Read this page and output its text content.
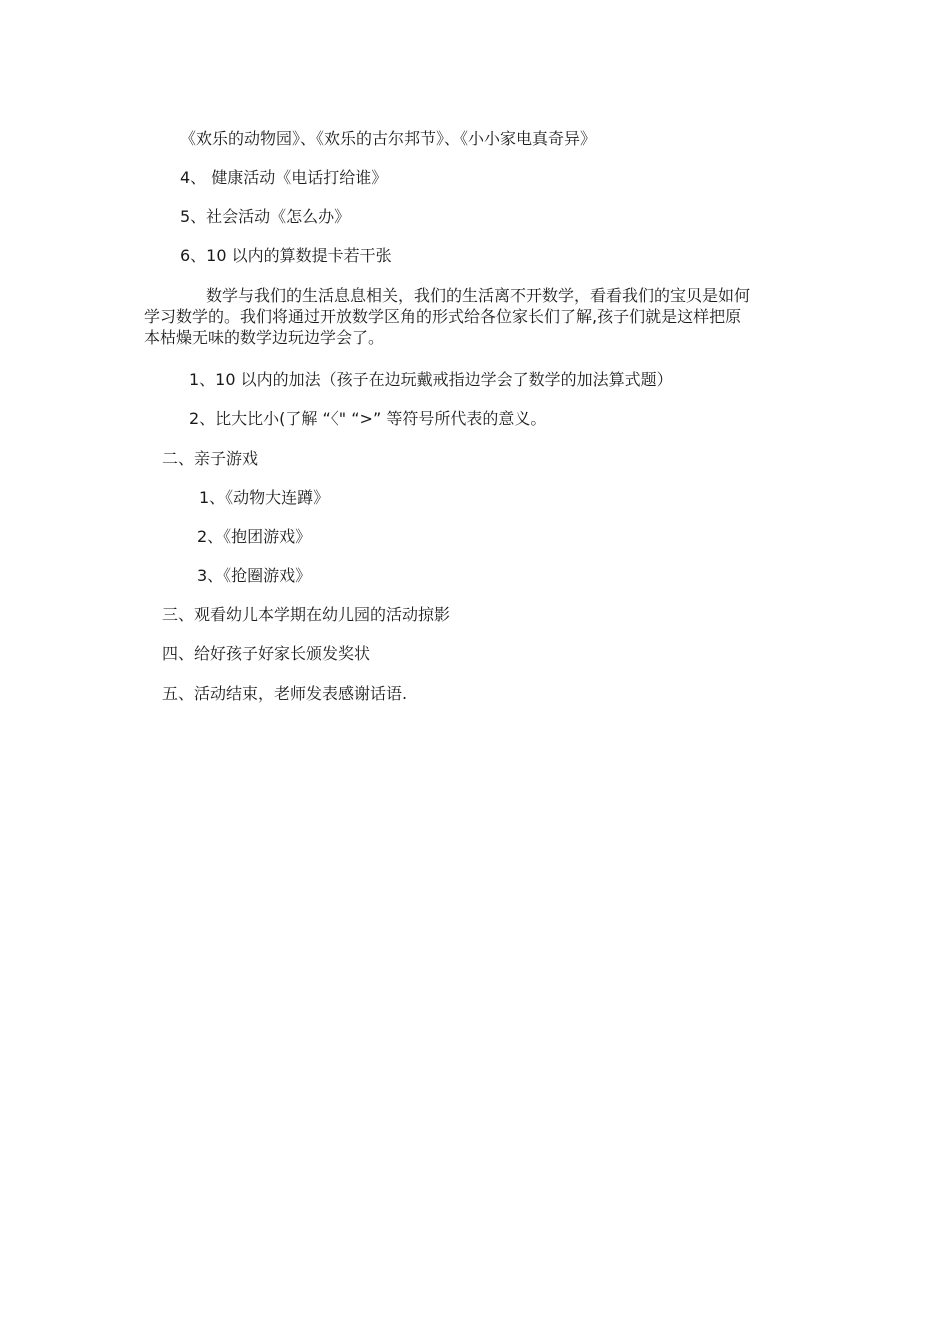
《欢乐的动物园》、《欢乐的古尔邦节》、《小小家电真奇异》
4、 健康活动《电话打给谁》
5、社会活动《怎么办》
6、10 以内的算数提卡若干张
数学与我们的生活息息相关，我们的生活离不开数学，看看我们的宝贝是如何
学习数学的。我们将通过开放数学区角的形式给各位家长们了解,孩子们就是这样把原
本枯燥无味的数学边玩边学会了。
1、10 以内的加法（孩子在边玩戴戒指边学会了数学的加法算式题）
2、比大比小(了解 “〈" “>” 等符号所代表的意义。
二、亲子游戏
1、《动物大连蹲》
2、《抱团游戏》
3、《抢圈游戏》
三、观看幼儿本学期在幼儿园的活动掠影
四、给好孩子好家长颁发奖状
五、活动结束，老师发表感谢话语.
